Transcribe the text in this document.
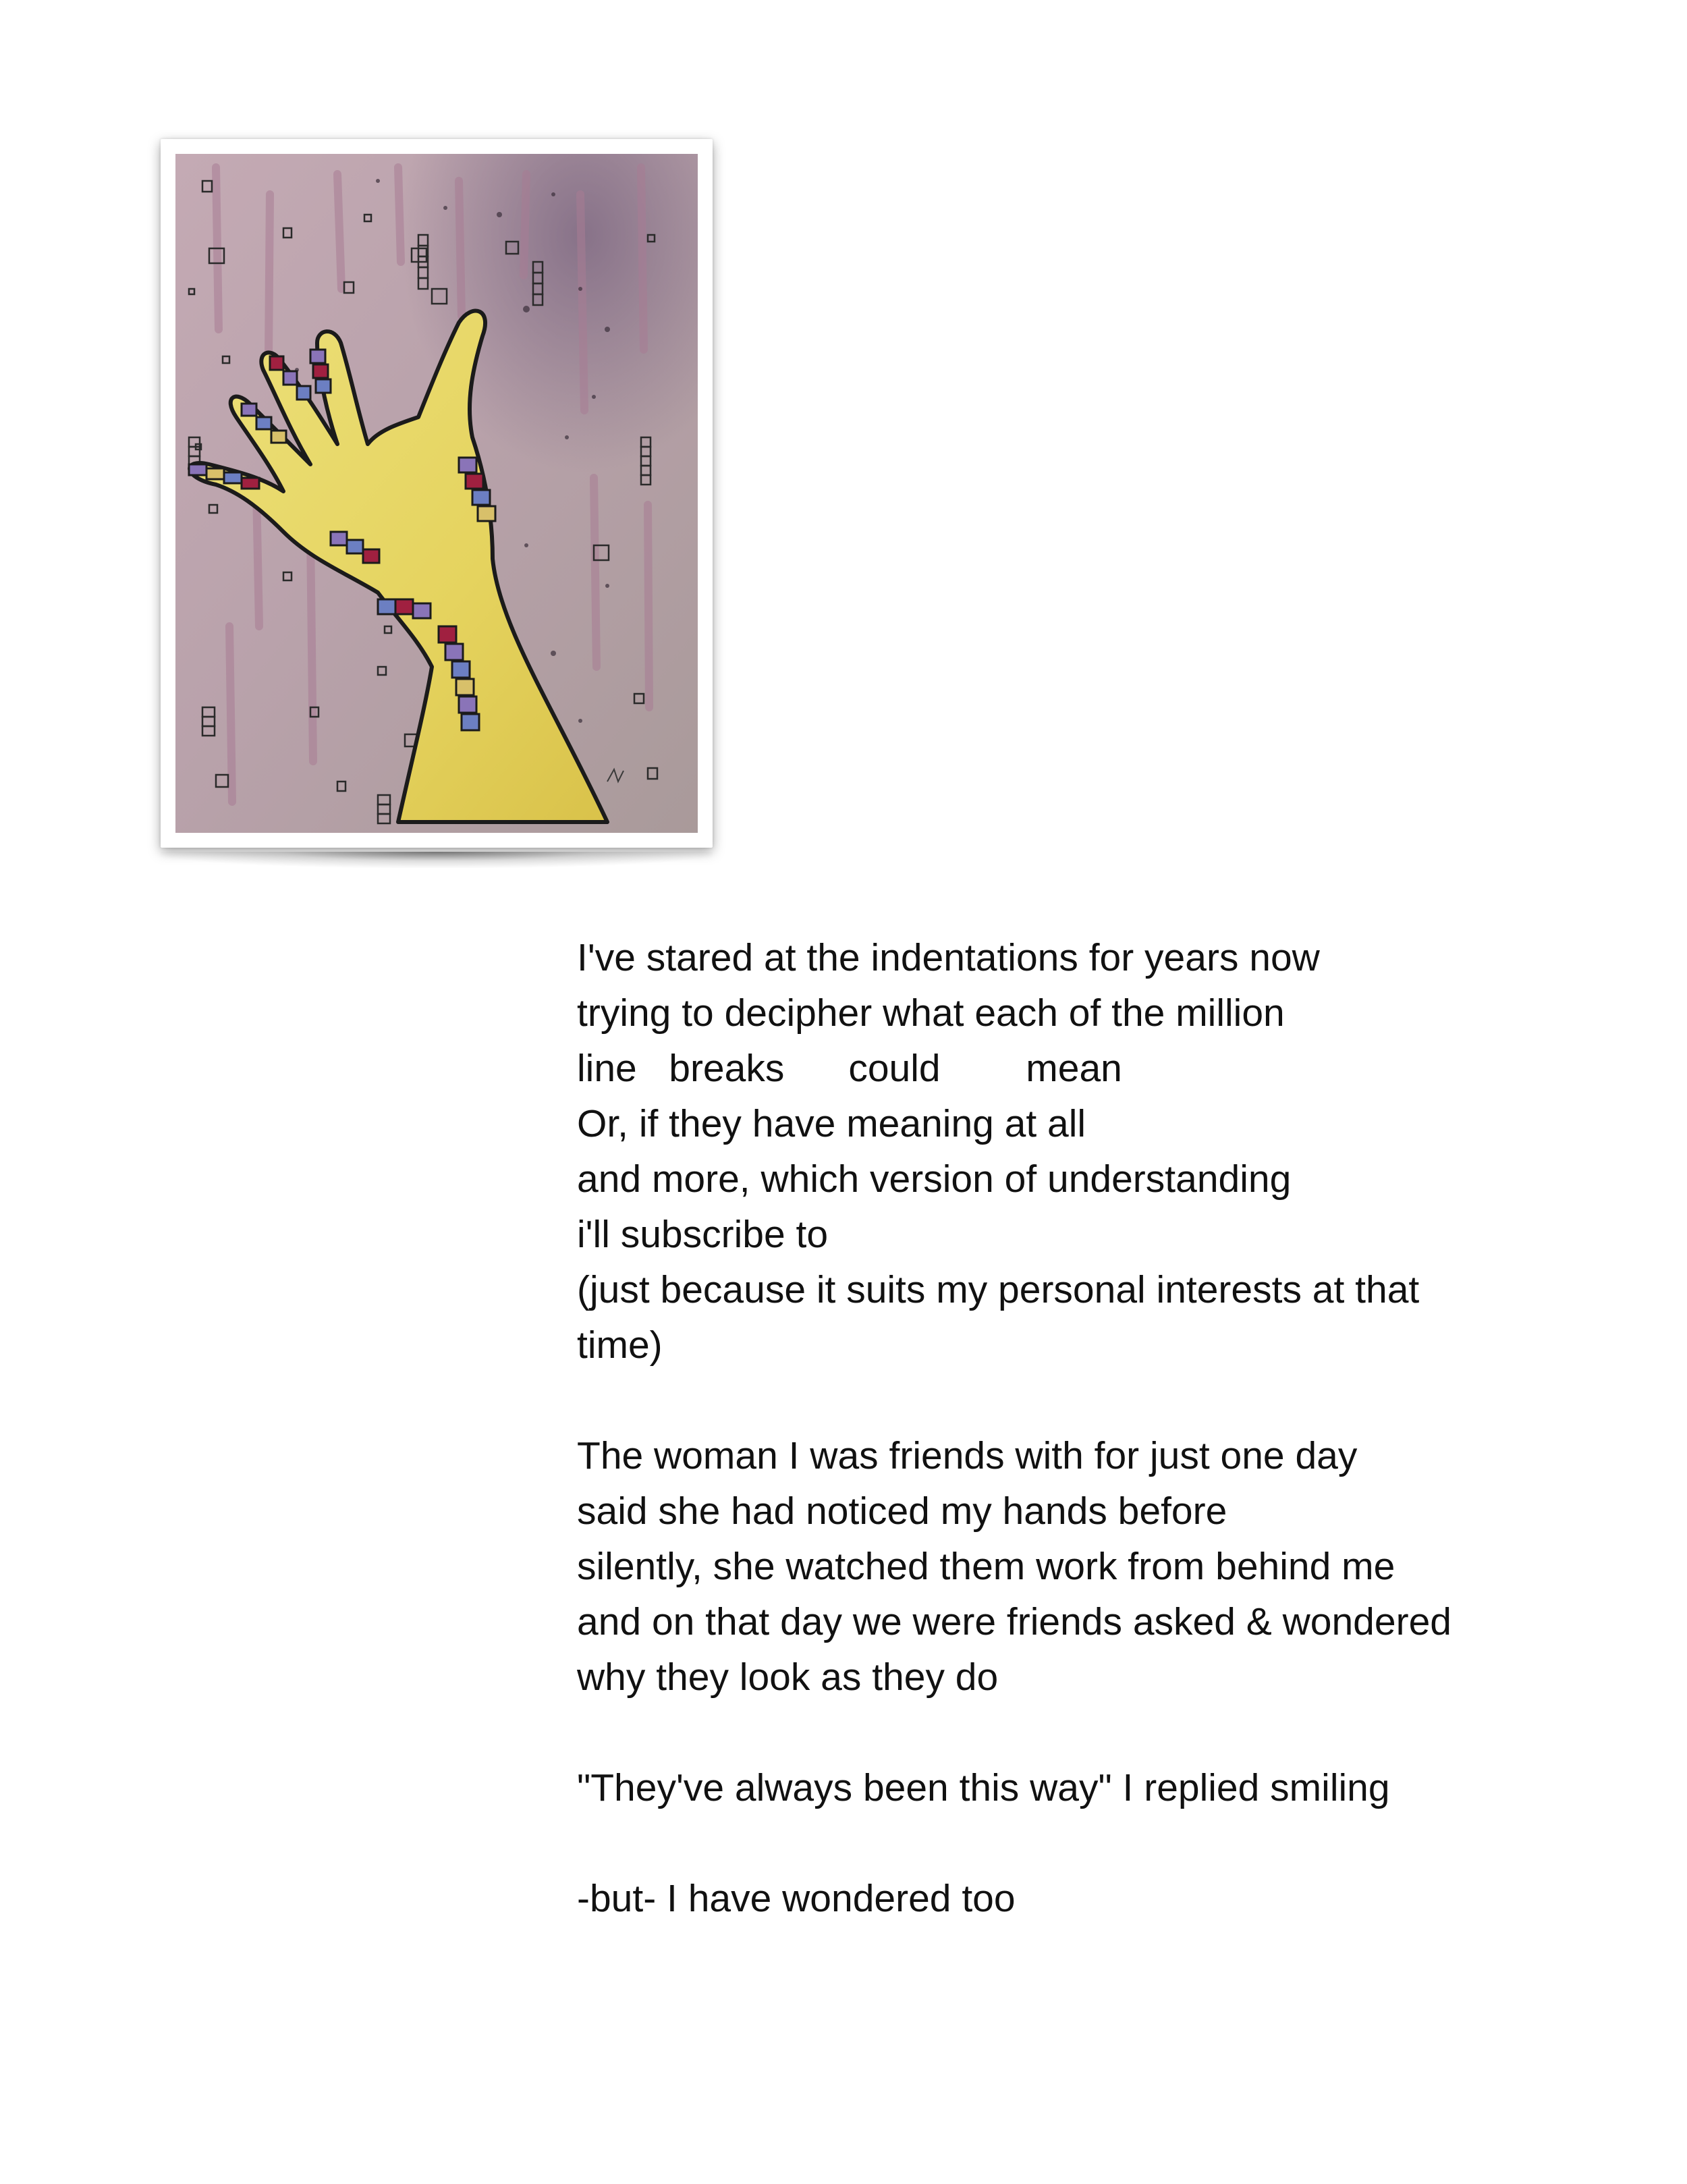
I've stared at the indentations for years now
trying to decipher what each of the million
line   breaks      could        mean
Or, if they have meaning at all
and more, which version of understanding
i'll subscribe to
(just because it suits my personal interests at that
time)
The woman I was friends with for just one day
said she had noticed my hands before
silently, she watched them work from behind me
and on that day we were friends asked & wondered
why they look as they do
"They've always been this way" I replied smiling
-but- I have wondered too
